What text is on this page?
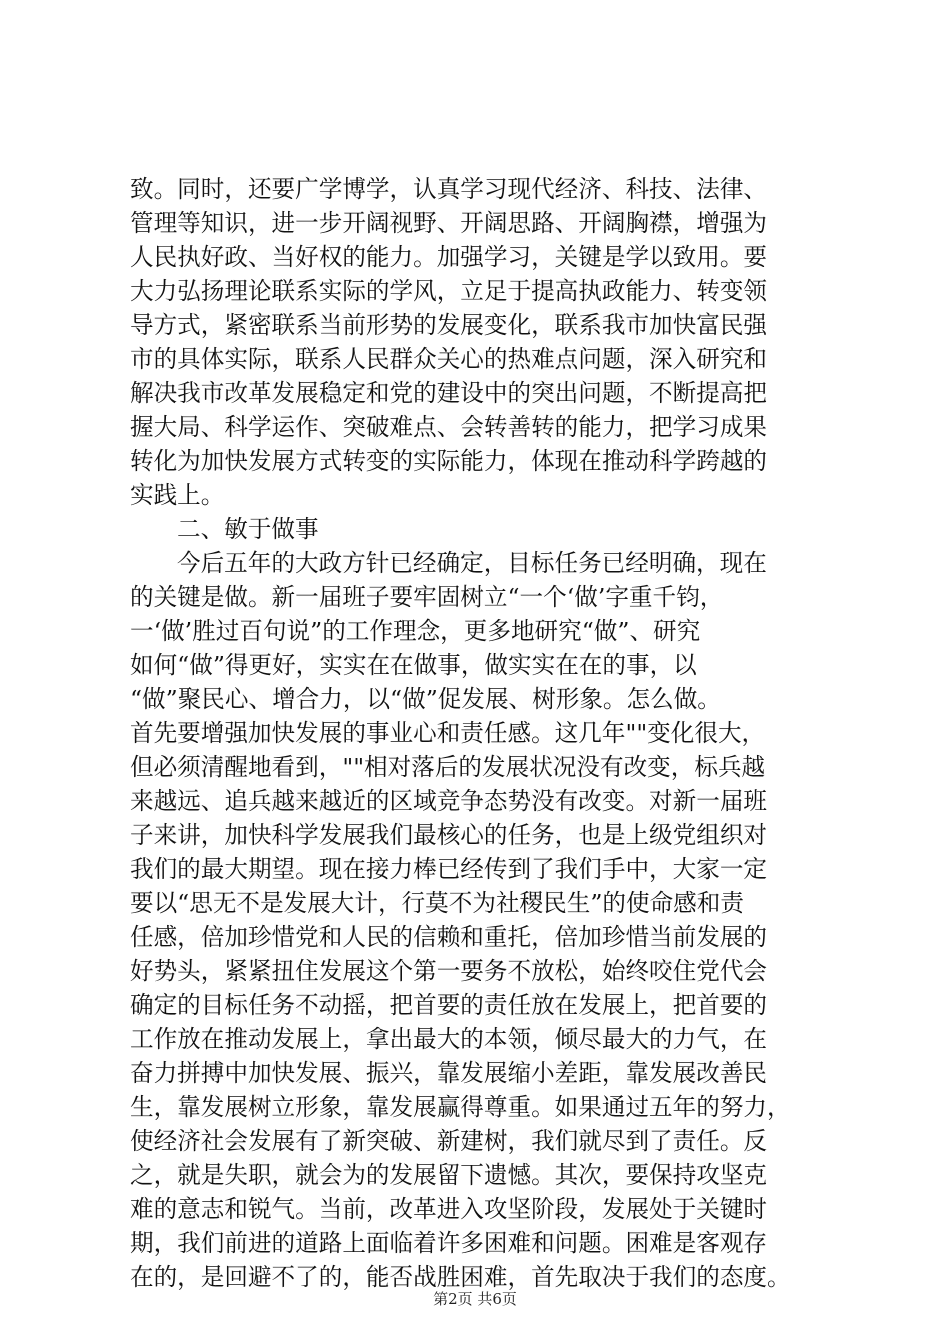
致。同时，还要广学博学，认真学习现代经济、科技、法律、
管理等知识，进一步开阔视野、开阔思路、开阔胸襟，增强为
人民执好政、当好权的能力。加强学习，关键是学以致用。要
大力弘扬理论联系实际的学风，立足于提高执政能力、转变领
导方式，紧密联系当前形势的发展变化，联系我市加快富民强
市的具体实际，联系人民群众关心的热难点问题，深入研究和
解决我市改革发展稳定和党的建设中的突出问题，不断提高把
握大局、科学运作、突破难点、会转善转的能力，把学习成果
转化为加快发展方式转变的实际能力，体现在推动科学跨越的
实践上。
二、敏于做事
今后五年的大政方针已经确定，目标任务已经明确，现在
的关键是做。新一届班子要牢固树立“一个‘做’字重千钧，
一‘做’胜过百句说”的工作理念，更多地研究“做”、研究
如何“做”得更好，实实在在做事，做实实在在的事，以
“做”聚民心、增合力，以“做”促发展、树形象。怎么做。
首先要增强加快发展的事业心和责任感。这几年""变化很大，
但必须清醒地看到，""相对落后的发展状况没有改变，标兵越
来越远、追兵越来越近的区域竞争态势没有改变。对新一届班
子来讲，加快科学发展我们最核心的任务，也是上级党组织对
我们的最大期望。现在接力棒已经传到了我们手中，大家一定
要以“思无不是发展大计，行莫不为社稷民生”的使命感和责
任感，倍加珍惜党和人民的信赖和重托，倍加珍惜当前发展的
好势头，紧紧扭住发展这个第一要务不放松，始终咬住党代会
确定的目标任务不动摇，把首要的责任放在发展上，把首要的
工作放在推动发展上，拿出最大的本领，倾尽最大的力气，在
奋力拼搏中加快发展、振兴，靠发展缩小差距，靠发展改善民
生，靠发展树立形象，靠发展赢得尊重。如果通过五年的努力，
使经济社会发展有了新突破、新建树，我们就尽到了责任。反
之，就是失职，就会为的发展留下遗憾。其次，要保持攻坚克
难的意志和锐气。当前，改革进入攻坚阶段，发展处于关键时
期，我们前进的道路上面临着许多困难和问题。困难是客观存
在的，是回避不了的，能否战胜困难，首先取决于我们的态度。
第2页 共6页
